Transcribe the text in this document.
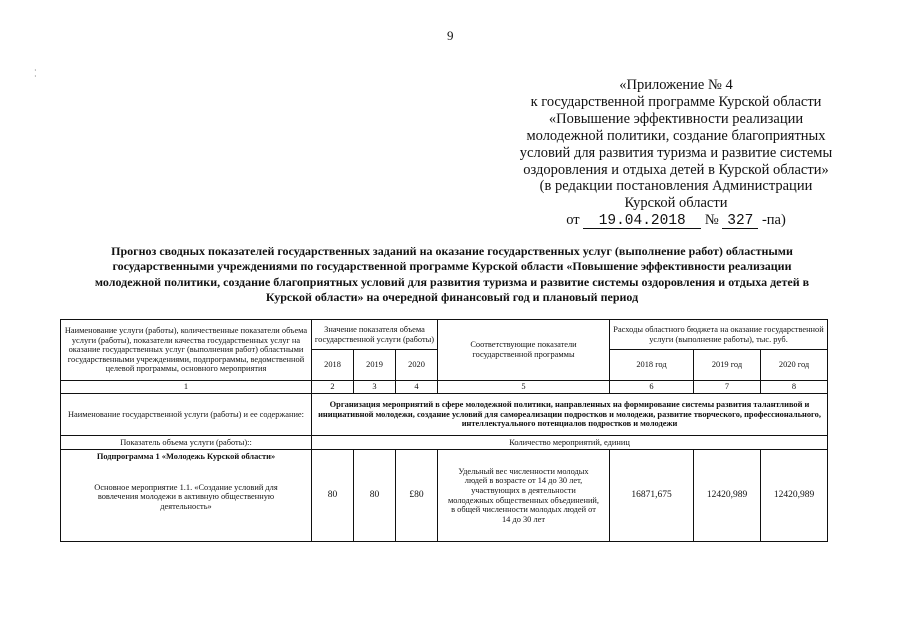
9
·
·
«Приложение № 4
к государственной программе Курской области
«Повышение эффективности реализации
молодежной политики, создание благоприятных
условий для развития туризма и развитие системы
оздоровления и отдыха детей в Курской области»
(в редакции постановления Администрации
Курской области
от 19.04.2018 № 327 -па)
Прогноз сводных показателей государственных заданий на оказание государственных услуг (выполнение работ) областными
государственными учреждениями по государственной программе Курской области «Повышение эффективности реализации
молодежной политики, создание благоприятных условий для развития туризма и развитие системы оздоровления и отдыха детей в
Курской области» на очередной финансовый год и плановый период
Наименование услуги (работы), количественные показатели объема услуги (работы), показатели качества государственных услуг на оказание государственных услуг (выполнения работ) областными государственными учреждениями, подпрограммы, ведомственной целевой программы, основного мероприятия	Значение показателя объема государственной услуги (работы)			Соответствующие показатели государственной программы	Расходы областного бюджета на оказание государственной услуги (выполнение работы), тыс. руб.		
	2018	2019	2020		2018 год	2019 год	2020 год
1	2	3	4	5	6	7	8
Наименование государственной услуги (работы) и ее содержание:	Организация мероприятий в сфере молодежной политики, направленных на формирование системы развития талантливой и инициативной молодежи, создание условий для самореализации подростков и молодежи, развитие творческого, профессионального, интеллектуального потенциалов подростков и молодежи						
Показатель объема услуги (работы)::	Количество мероприятий, единиц						

Подпрограмма 1 «Молодежь Курской области»
Основное мероприятие 1.1. «Создание условий для вовлечения молодежи в активную общественную деятельность»	80	80	£80	Удельный вес численности молодых людей в возрасте от 14 до 30 лет, участвующих в деятельности молодежных общественных объединений, в общей численности молодых людей от 14 до 30 лет	16871,675	12420,989	12420,989
